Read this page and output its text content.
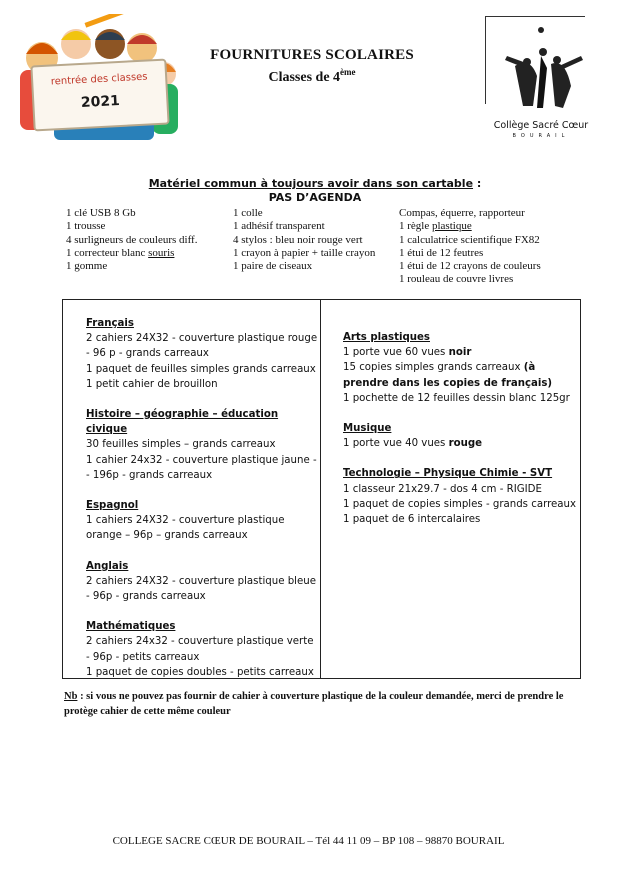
rentrée des classes
2021
FOURNITURES SCOLAIRES
Classes de 4ème
Collège Sacré Cœur
BOURAIL
Matériel commun à toujours avoir dans son cartable :
PAS D’AGENDA
1 clé USB 8 Gb
1 trousse
4 surligneurs de couleurs diff.
1 correcteur blanc souris
1 gomme
1 colle
1 adhésif transparent
4 stylos : bleu noir rouge vert
1 crayon à papier + taille crayon
1 paire de ciseaux
Compas, équerre, rapporteur
1 règle plastique
1 calculatrice scientifique FX82
1 étui de 12 feutres
1 étui de 12 crayons de couleurs
1 rouleau de couvre livres
Français
2 cahiers 24X32 - couverture plastique rouge
- 96 p - grands carreaux
1 paquet de feuilles simples grands carreaux
1 petit cahier de brouillon
Histoire – géographie – éducation civique
30 feuilles simples – grands carreaux
1 cahier 24x32 - couverture plastique jaune -
- 196p - grands carreaux
Espagnol
1 cahiers 24X32 - couverture plastique
orange – 96p – grands carreaux
Anglais
2 cahiers 24X32 - couverture plastique bleue
- 96p - grands carreaux
Mathématiques
2 cahiers 24x32 - couverture plastique verte
- 96p - petits carreaux
1 paquet de copies doubles - petits carreaux
Arts plastiques
1 porte vue 60 vues noir
15 copies simples grands carreaux (à prendre dans les copies de français)
1 pochette de 12 feuilles dessin blanc 125gr
Musique
1 porte vue 40 vues rouge
Technologie – Physique Chimie - SVT
1 classeur 21x29.7 - dos 4 cm - RIGIDE
1 paquet de copies simples - grands carreaux
1 paquet de 6 intercalaires
Nb : si vous ne pouvez pas fournir de cahier à couverture plastique de la couleur demandée, merci de prendre le protège cahier de cette même couleur
COLLEGE SACRE CŒUR DE BOURAIL – Tél 44 11 09 – BP 108 – 98870 BOURAIL
